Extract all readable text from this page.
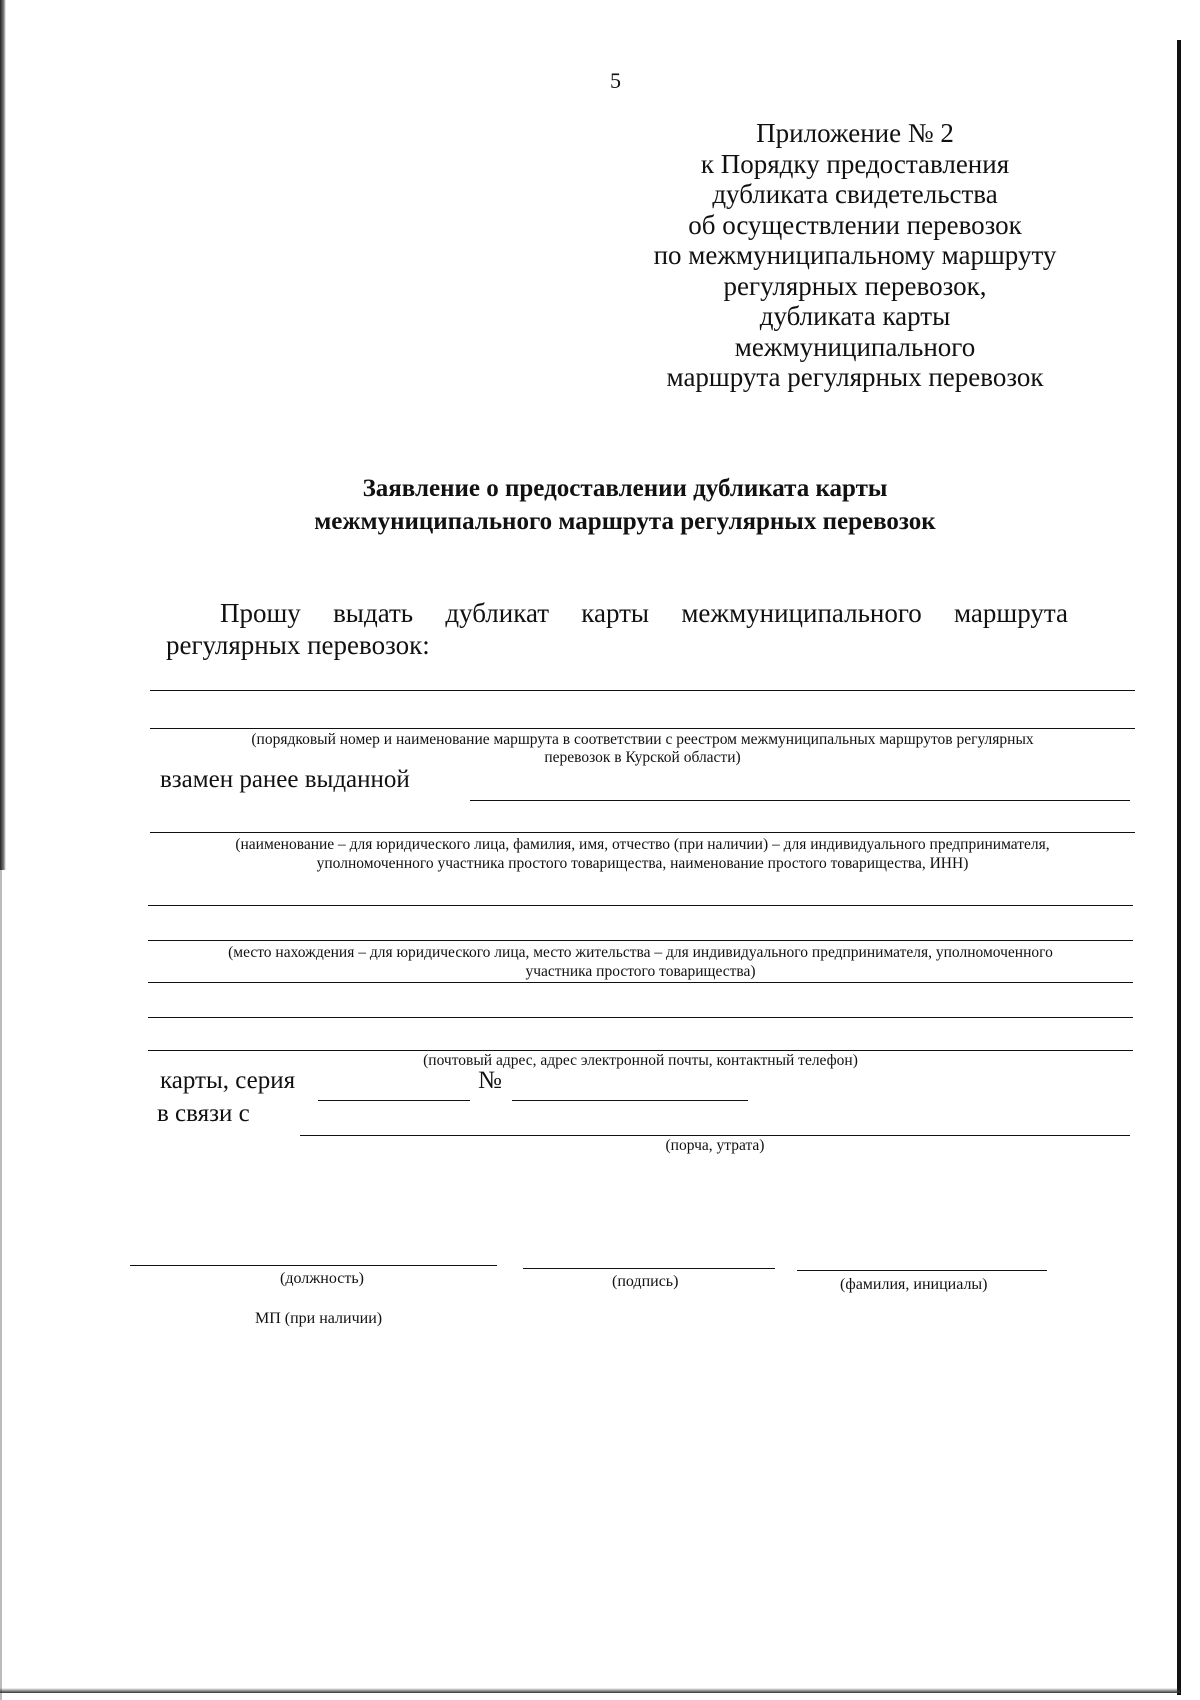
5
Приложение № 2
к Порядку предоставления
дубликата свидетельства
об осуществлении перевозок
по межмуниципальному маршруту
регулярных перевозок,
дубликата карты
межмуниципального
маршрута регулярных перевозок
Заявление о предоставлении дубликата карты
межмуниципального маршрута регулярных перевозок
Прошу выдать дубликат карты межмуниципального маршрута
регулярных перевозок:
(порядковый номер и наименование маршрута в соответствии с реестром межмуниципальных маршрутов регулярных
перевозок в Курской области)
взамен ранее выданной
(наименование – для юридического лица, фамилия, имя, отчество (при наличии) – для индивидуального предпринимателя,
уполномоченного участника простого товарищества, наименование простого товарищества, ИНН)
(место нахождения – для юридического лица, место жительства – для индивидуального предпринимателя, уполномоченного
участника простого товарищества)
(почтовый адрес, адрес электронной почты, контактный телефон)
карты, серия	№
в связи с
(порча, утрата)
(должность)	(подпись)	(фамилия, инициалы)
МП (при наличии)
